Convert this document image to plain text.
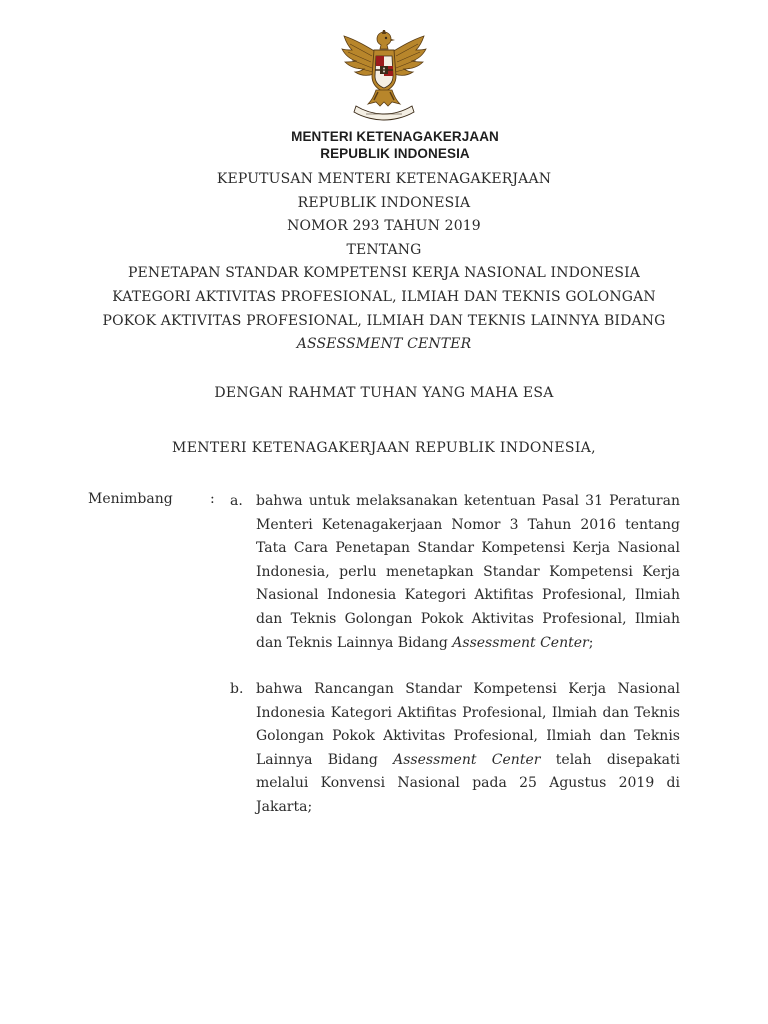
MENTERI KETENAGAKERJAAN
REPUBLIK INDONESIA
KEPUTUSAN MENTERI KETENAGAKERJAAN
REPUBLIK INDONESIA
NOMOR 293 TAHUN 2019
TENTANG
PENETAPAN STANDAR KOMPETENSI KERJA NASIONAL INDONESIA
KATEGORI AKTIVITAS PROFESIONAL, ILMIAH DAN TEKNIS GOLONGAN
POKOK AKTIVITAS PROFESIONAL, ILMIAH DAN TEKNIS LAINNYA BIDANG
ASSESSMENT CENTER
DENGAN RAHMAT TUHAN YANG MAHA ESA
MENTERI KETENAGAKERJAAN REPUBLIK INDONESIA,
Menimbang	: a. bahwa untuk melaksanakan ketentuan Pasal 31 Peraturan Menteri Ketenagakerjaan Nomor 3 Tahun 2016 tentang Tata Cara Penetapan Standar Kompetensi Kerja Nasional Indonesia, perlu menetapkan Standar Kompetensi Kerja Nasional Indonesia Kategori Aktifitas Profesional, Ilmiah dan Teknis Golongan Pokok Aktivitas Profesional, Ilmiah dan Teknis Lainnya Bidang Assessment Center;
b. bahwa Rancangan Standar Kompetensi Kerja Nasional Indonesia Kategori Aktifitas Profesional, Ilmiah dan Teknis Golongan Pokok Aktivitas Profesional, Ilmiah dan Teknis Lainnya Bidang Assessment Center telah disepakati melalui Konvensi Nasional pada 25 Agustus 2019 di Jakarta;
